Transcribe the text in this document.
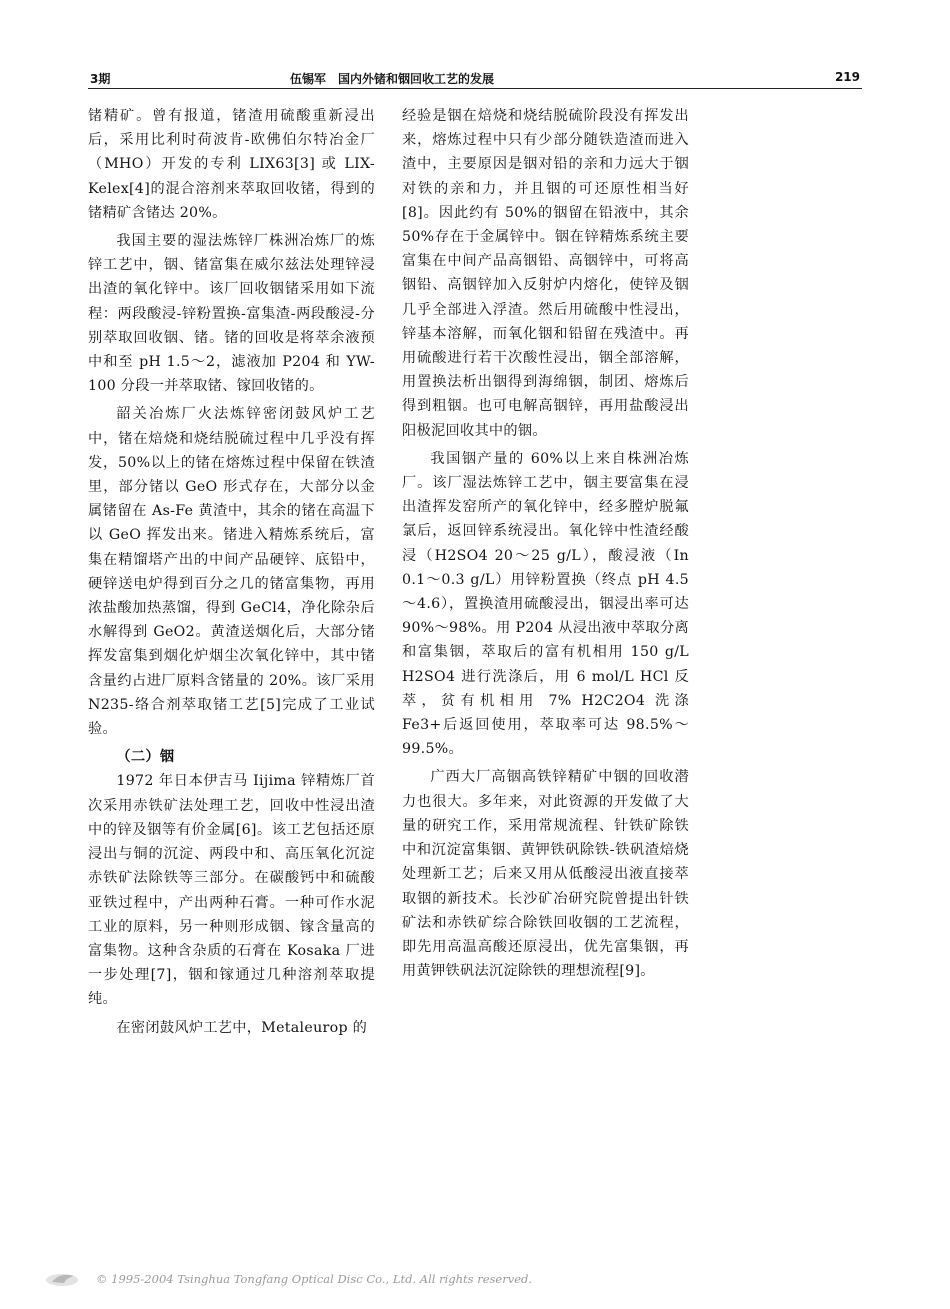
3期	伍锡军　国内外锗和铟回收工艺的发展	219

锗精矿。曾有报道，锗渣用硫酸重新浸出后，采用比利时荷波肯-欧佛伯尔特冶金厂（MHO）开发的专利 LIX63[3] 或 LIX-Kelex[4]的混合溶剂来萃取回收锗，得到的锗精矿含锗达 20%。

我国主要的湿法炼锌厂株洲冶炼厂的炼锌工艺中，铟、锗富集在威尔兹法处理锌浸出渣的氧化锌中。该厂回收铟锗采用如下流程：两段酸浸-锌粉置换-富集渣-两段酸浸-分别萃取回收铟、锗。锗的回收是将萃余液预中和至 pH 1.5～2，滤液加 P204 和 YW-100 分段一并萃取锗、镓回收锗的。

韶关冶炼厂火法炼锌密闭鼓风炉工艺中，锗在焙烧和烧结脱硫过程中几乎没有挥发，50%以上的锗在熔炼过程中保留在铁渣里，部分锗以 GeO 形式存在，大部分以金属锗留在 As-Fe 黄渣中，其余的锗在高温下以 GeO 挥发出来。锗进入精炼系统后，富集在精馏塔产出的中间产品硬锌、底铅中，硬锌送电炉得到百分之几的锗富集物，再用浓盐酸加热蒸馏，得到 GeCl4，净化除杂后水解得到 GeO2。黄渣送烟化后，大部分锗挥发富集到烟化炉烟尘次氧化锌中，其中锗含量约占进厂原料含锗量的 20%。该厂采用 N235-络合剂萃取锗工艺[5]完成了工业试验。

（二）铟

1972 年日本伊吉马 Iijima 锌精炼厂首次采用赤铁矿法处理工艺，回收中性浸出渣中的锌及铟等有价金属[6]。该工艺包括还原浸出与铜的沉淀、两段中和、高压氧化沉淀赤铁矿法除铁等三部分。在碳酸钙中和硫酸亚铁过程中，产出两种石膏。一种可作水泥工业的原料，另一种则形成铟、镓含量高的富集物。这种含杂质的石膏在 Kosaka 厂进一步处理[7]，铟和镓通过几种溶剂萃取提纯。

在密闭鼓风炉工艺中，Metaleurop 的

经验是铟在焙烧和烧结脱硫阶段没有挥发出来，熔炼过程中只有少部分随铁造渣而进入渣中，主要原因是铟对铅的亲和力远大于铟对铁的亲和力，并且铟的可还原性相当好[8]。因此约有 50%的铟留在铅液中，其余 50%存在于金属锌中。铟在锌精炼系统主要富集在中间产品高铟铅、高铟锌中，可将高铟铅、高铟锌加入反射炉内熔化，使锌及铟几乎全部进入浮渣。然后用硫酸中性浸出，锌基本溶解，而氧化铟和铅留在残渣中。再用硫酸进行若干次酸性浸出，铟全部溶解，用置换法析出铟得到海绵铟，制团、熔炼后得到粗铟。也可电解高铟锌，再用盐酸浸出阳极泥回收其中的铟。

我国铟产量的 60%以上来自株洲冶炼厂。该厂湿法炼锌工艺中，铟主要富集在浸出渣挥发窑所产的氧化锌中，经多膛炉脱氟氯后，返回锌系统浸出。氧化锌中性渣经酸浸（H2SO4 20～25 g/L），酸浸液（In 0.1～0.3 g/L）用锌粉置换（终点 pH 4.5～4.6），置换渣用硫酸浸出，铟浸出率可达 90%～98%。用 P204 从浸出液中萃取分离和富集铟，萃取后的富有机相用 150 g/L H2SO4 进行洗涤后，用 6 mol/L HCl 反萃，贫有机相用 7% H2C2O4 洗涤 Fe3+后返回使用，萃取率可达 98.5%～99.5%。

广西大厂高铟高铁锌精矿中铟的回收潜力也很大。多年来，对此资源的开发做了大量的研究工作，采用常规流程、针铁矿除铁中和沉淀富集铟、黄钾铁矾除铁-铁矾渣焙烧处理新工艺；后来又用从低酸浸出液直接萃取铟的新技术。长沙矿冶研究院曾提出针铁矿法和赤铁矿综合除铁回收铟的工艺流程，即先用高温高酸还原浸出，优先富集铟，再用黄钾铁矾法沉淀除铁的理想流程[9]。

© 1995-2004 Tsinghua Tongfang Optical Disc Co., Ltd. All rights reserved.
